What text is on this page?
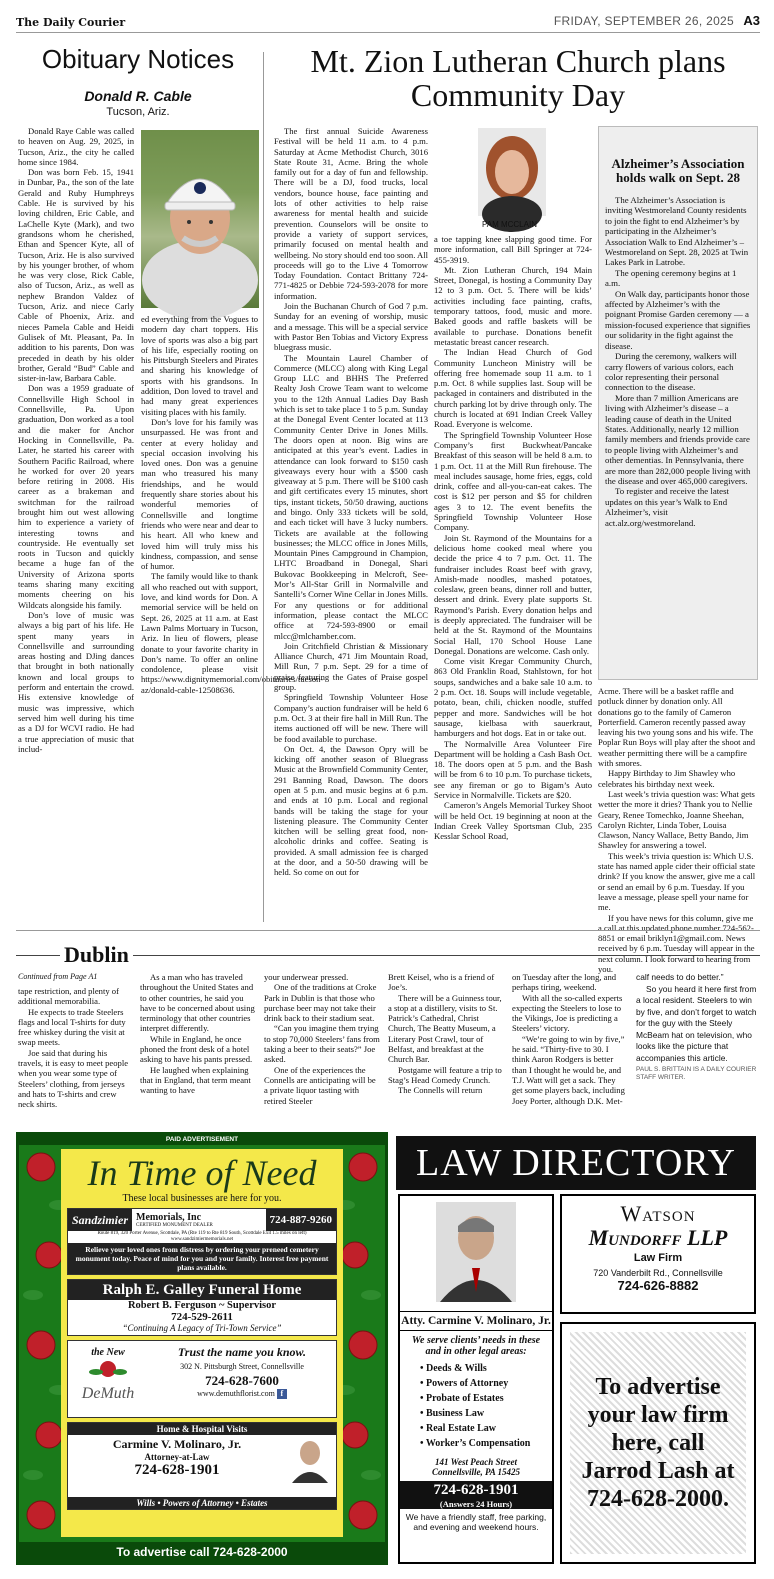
The Daily Courier	FRIDAY, SEPTEMBER 26, 2025 A3
Obituary Notices
Donald R. Cable
Tucson, Ariz.

Donald Raye Cable was called to heaven on Aug. 29, 2025, in Tucson, Ariz., the city he called home since 1984.

Don was born Feb. 15, 1941 in Dunbar, Pa., the son of the late Gerald and Ruby Humphreys Cable. He is survived by his loving children, Eric Cable, and LaChelle Kyte (Mark), and two grandsons whom he cherished, Ethan and Spencer Kyte, all of Tucson, Ariz. He is also survived by his younger brother, of whom he was very close, Rick Cable, also of Tucson, Ariz., as well as nephew Brandon Valdez of Tucson, Ariz. and niece Carly Cable of Phoenix, Ariz. and nieces Pamela Cable and Heidi Gulisek of Mt. Pleasant, Pa. In addition to his parents, Don was preceded in death by his older brother, Gerald “Bud” Cable and sister-in-law, Barbara Cable.

Don was a 1959 graduate of Connellsville High School in Connellsville, Pa. Upon graduation, Don worked as a tool and die maker for Anchor Hocking in Connellsville, Pa. Later, he started his career with Southern Pacific Railroad, where he worked for over 20 years before retiring in 2008. His career as a brakeman and switchman for the railroad brought him out west allowing him to experience a variety of interesting towns and countryside. He eventually set roots in Tucson and quickly became a huge fan of the University of Arizona sports teams sharing many exciting moments cheering on his Wildcats alongside his family.

Don’s love of music was always a big part of his life. He spent many years in Connellsville and surrounding areas hosting and DJing dances that brought in both nationally known and local groups to perform and entertain the crowd. His extensive knowledge of music was impressive, which served him well during his time as a DJ for WCVI radio. He had a true appreciation of music that includ-

ed everything from the Vogues to modern day chart toppers. His love of sports was also a big part of his life, especially rooting on his Pittsburgh Steelers and Pirates and sharing his knowledge of sports with his grandsons. In addition, Don loved to travel and had many great experiences visiting places with his family.

Don’s love for his family was unsurpassed. He was front and center at every holiday and special occasion involving his loved ones. Don was a genuine man who treasured his many friendships, and he would frequently share stories about his wonderful memories of Connellsville and longtime friends who were near and dear to his heart. All who knew and loved him will truly miss his kindness, compassion, and sense of humor.

The family would like to thank all who reached out with support, love, and kind words for Don. A memorial service will be held on Sept. 26, 2025 at 11 a.m. at East Lawn Palms Mortuary in Tucson, Ariz. In lieu of flowers, please donate to your favorite charity in Don’s name. To offer an online condolence, please visit https://www.dignitymemorial.com/obituaries/tucson-az/donald-cable-12508636.

Mt. Zion Lutheran Church plans Community Day

The first annual Suicide Awareness Festival will be held 11 a.m. to 4 p.m. Saturday at Acme Methodist Church, 3016 State Route 31, Acme. Bring the whole family out for a day of fun and fellowship. There will be a DJ, food trucks, local vendors, bounce house, face painting and lots of other activities to help raise awareness for mental health and suicide prevention. Counselors will be onsite to provide a variety of support services, primarily focused on mental health and wellbeing. No story should end too soon. All proceeds will go to the Live 4 Tomorrow Today Foundation. Contact Brittany 724-771-4825 or Debbie 724-593-2078 for more information.

Join the Buchanan Church of God 7 p.m. Sunday for an evening of worship, music and a message. This will be a special service with Pastor Ben Tobias and Victory Express bluegrass music.

The Mountain Laurel Chamber of Commerce (MLCC) along with King Legal Group LLC and BHHS The Preferred Realty Josh Crowe Team want to welcome you to the 12th Annual Ladies Day Bash which is set to take place 1 to 5 p.m. Sunday at the Donegal Event Center located at 113 Community Center Drive in Jones Mills. The doors open at noon. Big wins are anticipated at this year’s event. Ladies in attendance can look forward to $150 cash giveaways every hour with a $500 cash giveaway at 5 p.m. There will be $100 cash and gift certificates every 15 minutes, short tips, instant tickets, 50/50 drawing, auctions and bingo. Only 333 tickets will be sold, and each ticket will have 3 lucky numbers. Tickets are available at the following businesses; the MLCC office in Jones Mills, Mountain Pines Campground in Champion, LHTC Broadband in Donegal, Shari Bukovac Bookkeeping in Melcroft, See-Mor’s All-Star Grill in Normalville and Santelli’s Corner Wine Cellar in Jones Mills. For any questions or for additional information, please contact the MLCC office at 724-593-8900 or email mlcc@mlchamber.com.

Join Critchfield Christian & Missionary Alliance Church, 471 Jim Mountain Road, Mill Run, 7 p.m. Sept. 29 for a time of praise featuring the Gates of Praise gospel group.

Springfield Township Volunteer Hose Company’s auction fundraiser will be held 6 p.m. Oct. 3 at their fire hall in Mill Run. The items auctioned off will be new. There will be food available to purchase.

On Oct. 4, the Dawson Opry will be kicking off another season of Bluegrass Music at the Brownfield Community Center, 291 Banning Road, Dawson. The doors open at 5 p.m. and music begins at 6 p.m. and ends at 10 p.m. Local and regional bands will be taking the stage for your listening pleasure. The Community Center kitchen will be selling great food, non-alcoholic drinks and coffee. Seating is provided. A small admission fee is charged at the door, and a 50-50 drawing will be held. So come on out for

PAM MCCLAIN

a toe tapping knee slapping good time. For more information, call Bill Springer at 724-455-3919.

Mt. Zion Lutheran Church, 194 Main Street, Donegal, is hosting a Community Day 12 to 3 p.m. Oct. 5. There will be kids’ activities including face painting, crafts, temporary tattoos, food, music and more. Baked goods and raffle baskets will be available to purchase. Donations benefit metastatic breast cancer research.

The Indian Head Church of God Community Luncheon Ministry will be offering free homemade soup 11 a.m. to 1 p.m. Oct. 8 while supplies last. Soup will be packaged in containers and distributed in the church parking lot by drive through only. The church is located at 691 Indian Creek Valley Road. Everyone is welcome.

The Springfield Township Volunteer Hose Company’s first Buckwheat/Pancake Breakfast of this season will be held 8 a.m. to 1 p.m. Oct. 11 at the Mill Run firehouse. The meal includes sausage, home fries, eggs, cold drink, coffee and all-you-can-eat cakes. The cost is $12 per person and $5 for children ages 3 to 12. The event benefits the Springfield Township Volunteer Hose Company.

Join St. Raymond of the Mountains for a delicious home cooked meal where you decide the price 4 to 7 p.m. Oct. 11. The fundraiser includes Roast beef with gravy, Amish-made noodles, mashed potatoes, coleslaw, green beans, dinner roll and butter, dessert and drink. Every plate supports St. Raymond’s Parish. Every donation helps and is deeply appreciated. The fundraiser will be held at the St. Raymond of the Mountains Social Hall, 170 School House Lane Donegal. Donations are welcome. Cash only.

Come visit Kregar Community Church, 863 Old Franklin Road, Stahlstown, for hot soups, sandwiches and a bake sale 10 a.m. to 2 p.m. Oct. 18. Soups will include vegetable, potato, bean, chili, chicken noodle, stuffed pepper and more. Sandwiches will be hot sausage, kielbasa with sauerkraut, hamburgers and hot dogs. Eat in or take out.

The Normalville Area Volunteer Fire Department will be holding a Cash Bash Oct. 18. The doors open at 5 p.m. and the Bash will be from 6 to 10 p.m. To purchase tickets, see any fireman or go to Bigam’s Auto Service in Normalville. Tickets are $20.

Cameron’s Angels Memorial Turkey Shoot will be held Oct. 19 beginning at noon at the Indian Creek Valley Sportsman Club, 235 Kesslar School Road,

Alzheimer’s Association holds walk on Sept. 28

The Alzheimer’s Association is inviting Westmoreland County residents to join the fight to end Alzheimer’s by participating in the Alzheimer’s Association Walk to End Alzheimer’s – Westmoreland on Sept. 28, 2025 at Twin Lakes Park in Latrobe.

The opening ceremony begins at 1 a.m.

On Walk day, participants honor those affected by Alzheimer’s with the poignant Promise Garden ceremony — a mission-focused experience that signifies our solidarity in the fight against the disease.

During the ceremony, walkers will carry flowers of various colors, each color representing their personal connection to the disease.

More than 7 million Americans are living with Alzheimer’s disease – a leading cause of death in the United States. Additionally, nearly 12 million family members and friends provide care to people living with Alzheimer’s and other dementias. In Pennsylvania, there are more than 282,000 people living with the disease and over 465,000 caregivers.

To register and receive the latest updates on this year’s Walk to End Alzheimer’s, visit act.alz.org/westmoreland.

Acme. There will be a basket raffle and potluck dinner by donation only. All donations go to the family of Cameron Porterfield. Cameron recently passed away leaving his two young sons and his wife. The Poplar Run Boys will play after the shoot and weather permitting there will be a campfire with smores.

Happy Birthday to Jim Shawley who celebrates his birthday next week.

Last week’s trivia question was: What gets wetter the more it dries? Thank you to Nellie Geary, Renee Tomechko, Joanne Sheehan, Carolyn Richter, Linda Tober, Louisa Clawson, Nancy Wallace, Betty Bando, Jim Shawley for answering a towel.

This week’s trivia question is: Which U.S. state has named apple cider their official state drink? If you know the answer, give me a call or send an email by 6 p.m. Tuesday. If you leave a message, please spell your name for me.

If you have news for this column, give me a call at this updated phone number 724-562-8851 or email briklyn1@gmail.com. News received by 6 p.m. Tuesday will appear in the next column. I look forward to hearing from you.

Dublin
Continued from Page A1

tape restriction, and plenty of additional memorabilia.

He expects to trade Steelers flags and local T-shirts for duty free whiskey during the visit at swap meets.

Joe said that during his travels, it is easy to meet people when you wear some type of Steelers’ clothing, from jerseys and hats to T-shirts and crew neck shirts.

As a man who has traveled throughout the United States and to other countries, he said you have to be concerned about using terminology that other countries interpret differently.

While in England, he once phoned the front desk of a hotel asking to have his pants pressed.

He laughed when explaining that in England, that term meant wanting to have

your underwear pressed.

One of the traditions at Croke Park in Dublin is that those who purchase beer may not take their drink back to their stadium seat.

“Can you imagine them trying to stop 70,000 Steelers’ fans from taking a beer to their seats?” Joe asked.

One of the experiences the Connells are anticipating will be a private liquor tasting with retired Steeler

Brett Keisel, who is a friend of Joe’s.

There will be a Guinness tour, a stop at a distillery, visits to St. Patrick’s Cathedral, Christ Church, The Beatty Museum, a Literary Post Crawl, tour of Belfast, and breakfast at the Church Bar.

Postgame will feature a trip to Stag’s Head Comedy Crunch.

The Connells will return

on Tuesday after the long, and perhaps tiring, weekend.

With all the so-called experts expecting the Steelers to lose to the Vikings, Joe is predicting a Steelers’ victory.

“We’re going to win by five,” he said. “Thirty-five to 30. I think Aaron Rodgers is better than I thought he would be, and T.J. Watt will get a sack. They get some players back, including Joey Porter, although D.K. Met-

calf needs to do better.”

So you heard it here first from a local resident. Steelers to win by five, and don’t forget to watch for the guy with the Steely McBeam hat on television, who looks like the picture that accompanies this article.

PAUL S. BRITTAIN IS A DAILY COURIER STAFF WRITER.

PAID ADVERTISEMENT
In Time of Need
These local businesses are here for you.
Sandzimier Memorials, Inc
CERTIFIED MONUMENT DEALER	724-887-9260
Route 819, 320 Porter Avenue, Scottdale, PA (Rte 119 to Rte 819 South, Scottdale Exit 1.5 miles on left)
www.sandzimiermemorials.net
Relieve your loved ones from distress by ordering your preneed cemetery monument today. Peace of mind for you and your family. Interest free payment plans available.
Ralph E. Galley Funeral Home
Robert B. Ferguson ~ Supervisor
724-529-2611
“Continuing A Legacy of Tri-Town Service”
the New
DeMuth
Trust the name you know.
302 N. Pittsburgh Street, Connellsville
724-628-7600
www.demuthflorist.com f
Home & Hospital Visits
Carmine V. Molinaro, Jr.
Attorney-at-Law
724-628-1901
Wills • Powers of Attorney • Estates
To advertise call 724-628-2000
LAW DIRECTORY
Atty. Carmine V. Molinaro, Jr.
We serve clients’ needs in these and in other legal areas:
• Deeds & Wills
• Powers of Attorney
• Probate of Estates
• Business Law
• Real Estate Law
• Worker’s Compensation
141 West Peach Street
Connellsville, PA 15425
724-628-1901
(Answers 24 Hours)
We have a friendly staff, free parking, and evening and weekend hours.
Watson
Mundorff LLP
Law Firm
720 Vanderbilt Rd., Connellsville
724-626-8882
To advertise your law firm here, call Jarrod Lash at 724-628-2000.
